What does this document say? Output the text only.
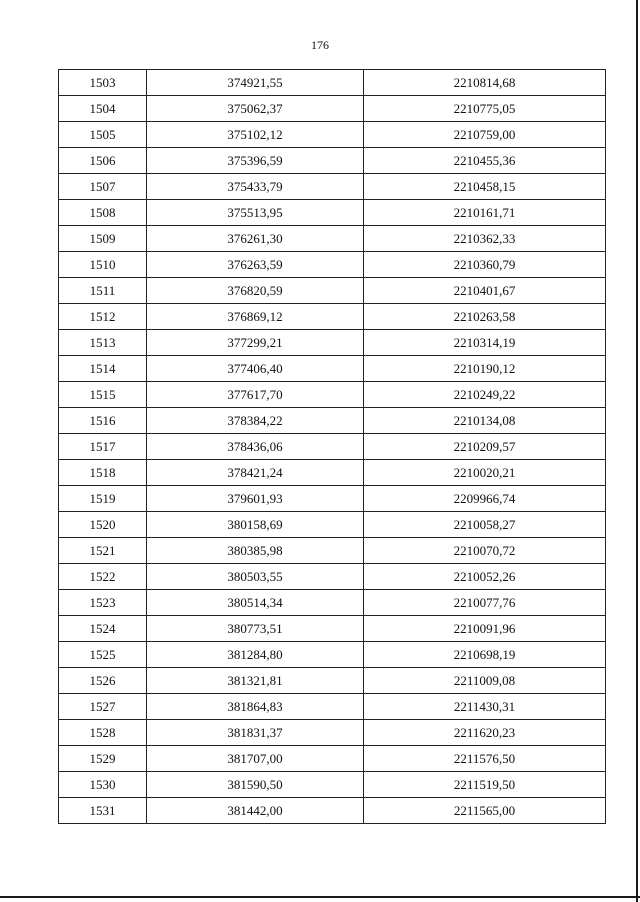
176
1503	374921,55	2210814,68
1504	375062,37	2210775,05
1505	375102,12	2210759,00
1506	375396,59	2210455,36
1507	375433,79	2210458,15
1508	375513,95	2210161,71
1509	376261,30	2210362,33
1510	376263,59	2210360,79
1511	376820,59	2210401,67
1512	376869,12	2210263,58
1513	377299,21	2210314,19
1514	377406,40	2210190,12
1515	377617,70	2210249,22
1516	378384,22	2210134,08
1517	378436,06	2210209,57
1518	378421,24	2210020,21
1519	379601,93	2209966,74
1520	380158,69	2210058,27
1521	380385,98	2210070,72
1522	380503,55	2210052,26
1523	380514,34	2210077,76
1524	380773,51	2210091,96
1525	381284,80	2210698,19
1526	381321,81	2211009,08
1527	381864,83	2211430,31
1528	381831,37	2211620,23
1529	381707,00	2211576,50
1530	381590,50	2211519,50
1531	381442,00	2211565,00
